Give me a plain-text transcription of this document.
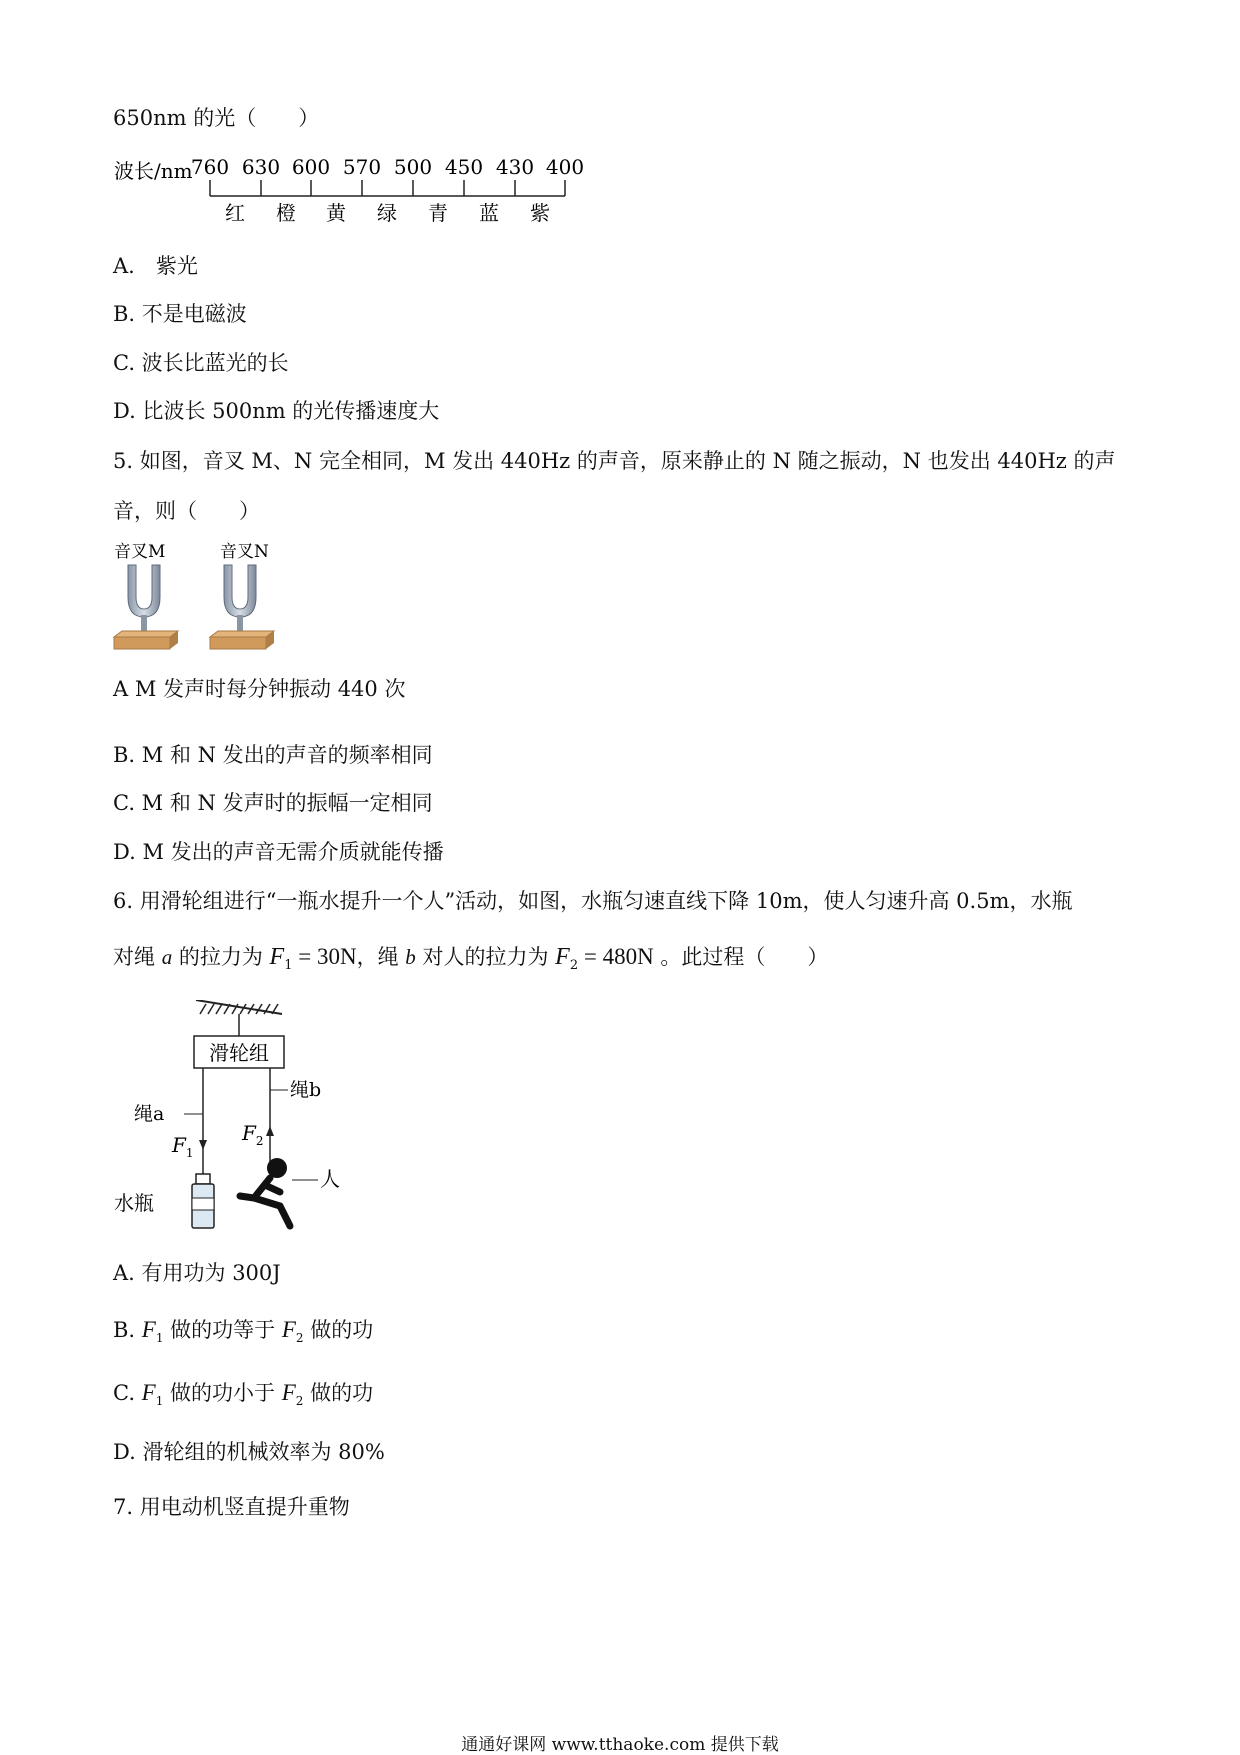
650nm 的光（　　）
波长/nm
760 630 600 570 500 450 430 400
红 橙 黄 绿 青 蓝 紫
A.　紫光
B. 不是电磁波
C. 波长比蓝光的长
D. 比波长 500nm 的光传播速度大
5. 如图，音叉 M、N 完全相同，M 发出 440Hz 的声音，原来静止的 N 随之振动，N 也发出 440Hz 的声
音，则（　　）
音叉M	音叉N
A M 发声时每分钟振动 440 次
B. M 和 N 发出的声音的频率相同
C. M 和 N 发声时的振幅一定相同
D. M 发出的声音无需介质就能传播
6. 用滑轮组进行“一瓶水提升一个人”活动，如图，水瓶匀速直线下降 10m，使人匀速升高 0.5m，水瓶
对绳 a 的拉力为 $F_1 = 30N$，绳 b 对人的拉力为 $F_2 = 480N$ 。此过程（　　）
滑轮组
绳a
$F_1$
水瓶
绳b
$F_2$
人
A. 有用功为 300J
B. $F_1$ 做的功等于 $F_2$ 做的功
C. $F_1$ 做的功小于 $F_2$ 做的功
D. 滑轮组的机械效率为 80%
7. 用电动机竖直提升重物
通通好课网 www.tthaoke.com 提供下载
